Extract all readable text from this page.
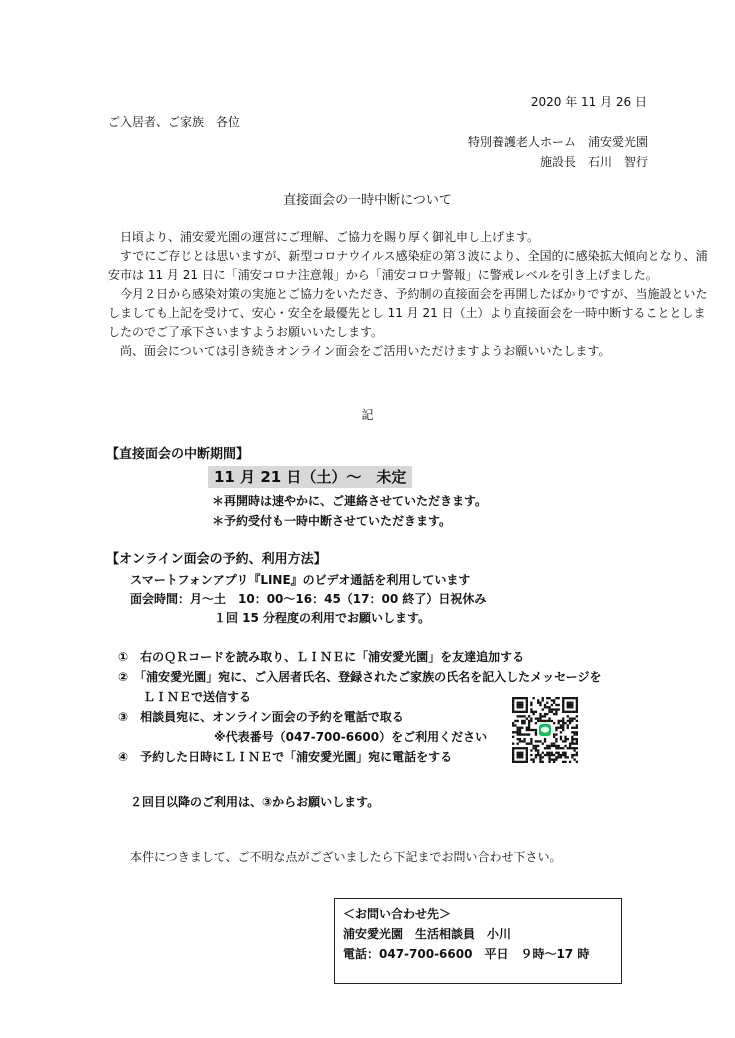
2020 年 11 月 26 日
ご入居者、ご家族　各位
特別養護老人ホーム　浦安愛光園
施設長　石川　智行
直接面会の一時中断について

日頃より、浦安愛光園の運営にご理解、ご協力を賜り厚く御礼申し上げます。

すでにご存じとは思いますが、新型コロナウイルス感染症の第３波により、全国的に感染拡大傾向となり、浦安市は 11 月 21 日に「浦安コロナ注意報」から「浦安コロナ警報」に警戒レベルを引き上げました。

今月２日から感染対策の実施とご協力をいただき、予約制の直接面会を再開したばかりですが、当施設といたしましても上記を受けて、安心・安全を最優先とし 11 月 21 日（土）より直接面会を一時中断することとしましたのでご了承下さいますようお願いいたします。

尚、面会については引き続きオンライン面会をご活用いただけますようお願いいたします。

記
【直接面会の中断期間】
11 月 21 日（土）～　未定
＊再開時は速やかに、ご連絡させていただきます。
＊予約受付も一時中断させていただきます。
【オンライン面会の予約、利用方法】
スマートフォンアプリ『LINE』のビデオ通話を利用しています
面会時間：月～土　10：00～16：45（17：00 終了）日祝休み
１回 15 分程度の利用でお願いします。
①　右のＱＲコードを読み取り、ＬＩＮＥに「浦安愛光園」を友達追加する
②　「浦安愛光園」宛に、ご入居者氏名、登録されたご家族の氏名を記入したメッセージを
ＬＩＮＥで送信する
③　相談員宛に、オンライン面会の予約を電話で取る
※代表番号（047-700-6600）をご利用ください
④　予約した日時にＬＩＮＥで「浦安愛光園」宛に電話をする
２回目以降のご利用は、③からお願いします。
本件につきまして、ご不明な点がございましたら下記までお問い合わせ下さい。
＜お問い合わせ先＞
浦安愛光園　生活相談員　小川
電話：047-700-6600　平日　９時～17 時
